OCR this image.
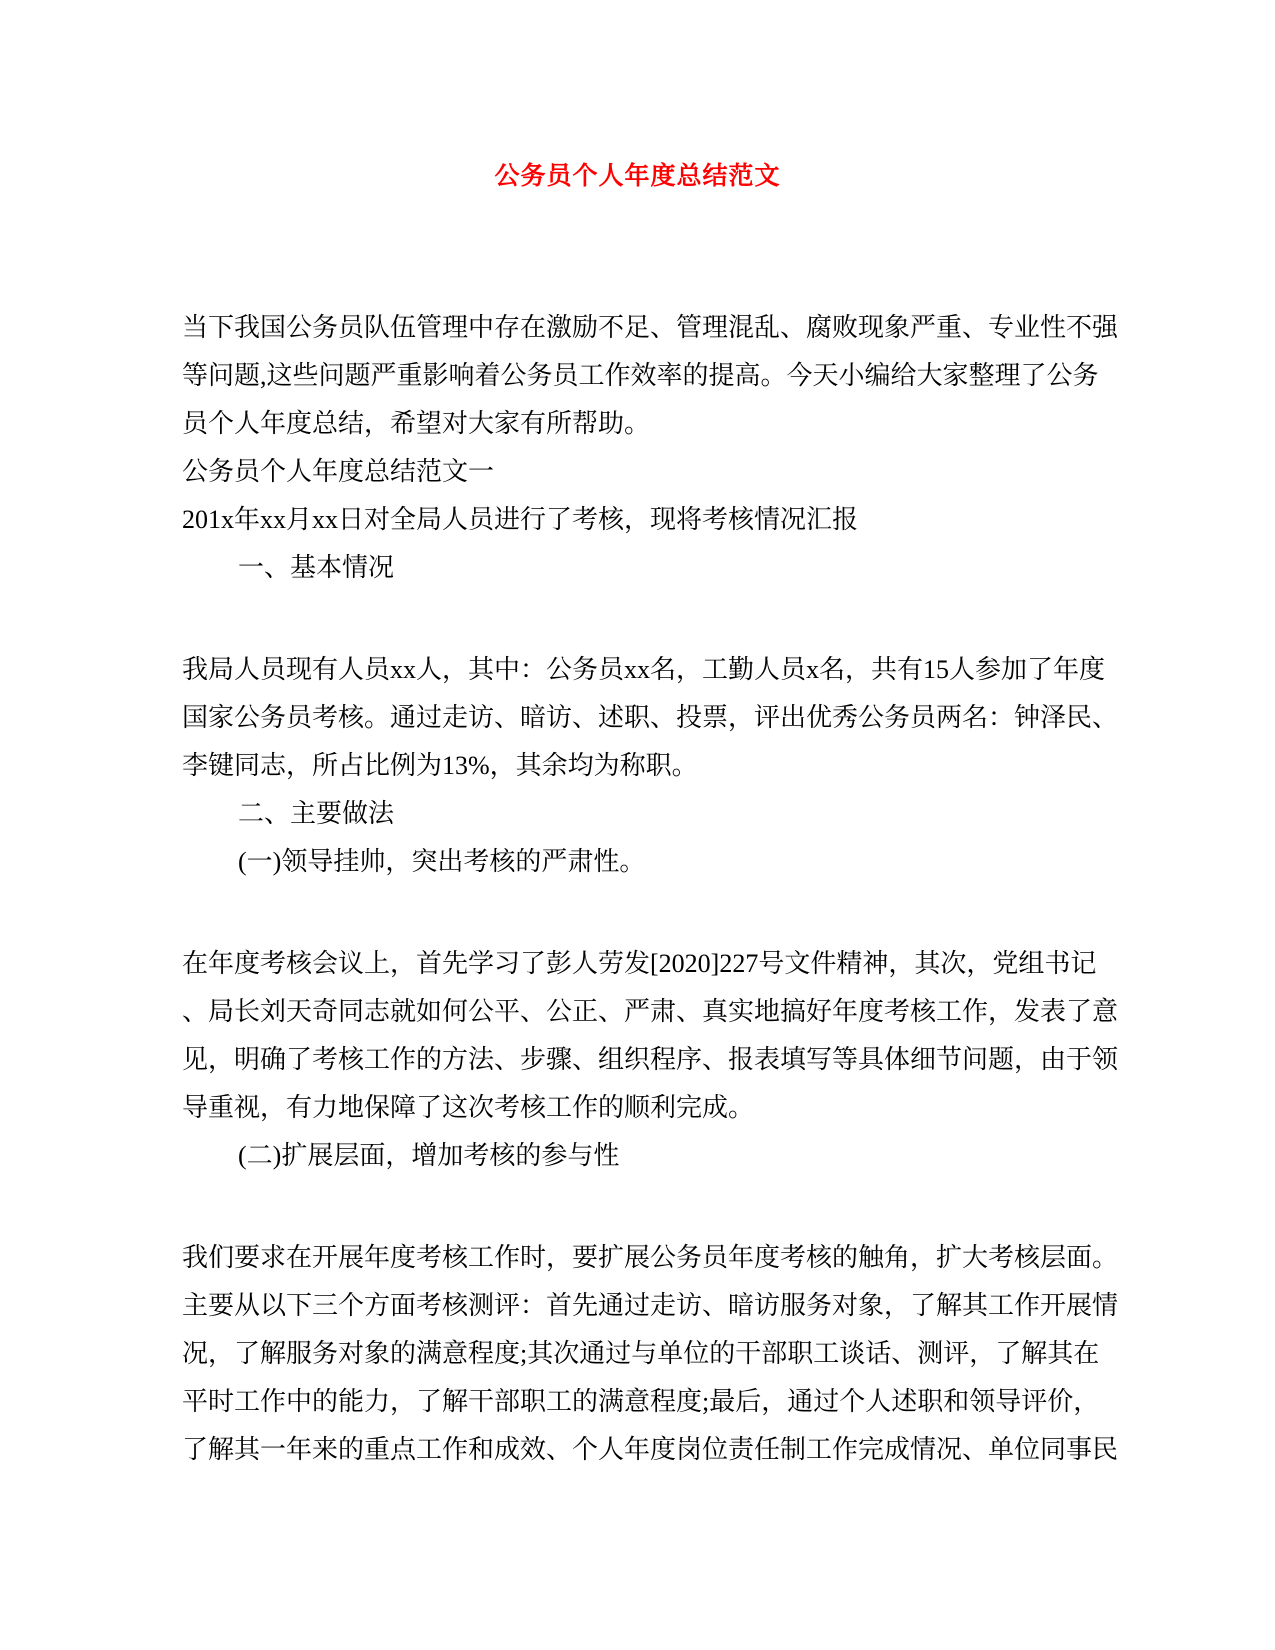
公务员个人年度总结范文
当下我国公务员队伍管理中存在激励不足、管理混乱、腐败现象严重、专业性不强
等问题,这些问题严重影响着公务员工作效率的提高。今天小编给大家整理了公务
员个人年度总结，希望对大家有所帮助。
公务员个人年度总结范文一
201x年xx月xx日对全局人员进行了考核，现将考核情况汇报
一、基本情况
我局人员现有人员xx人，其中：公务员xx名，工勤人员x名，共有15人参加了年度
国家公务员考核。通过走访、暗访、述职、投票，评出优秀公务员两名：钟泽民、
李键同志，所占比例为13%，其余均为称职。
二、主要做法
(一)领导挂帅，突出考核的严肃性。
在年度考核会议上，首先学习了彭人劳发[2020]227号文件精神，其次，党组书记
、局长刘天奇同志就如何公平、公正、严肃、真实地搞好年度考核工作，发表了意
见，明确了考核工作的方法、步骤、组织程序、报表填写等具体细节问题，由于领
导重视，有力地保障了这次考核工作的顺利完成。
(二)扩展层面，增加考核的参与性
我们要求在开展年度考核工作时，要扩展公务员年度考核的触角，扩大考核层面。
主要从以下三个方面考核测评：首先通过走访、暗访服务对象，了解其工作开展情
况，了解服务对象的满意程度;其次通过与单位的干部职工谈话、测评，了解其在
平时工作中的能力，了解干部职工的满意程度;最后，通过个人述职和领导评价，
了解其一年来的重点工作和成效、个人年度岗位责任制工作完成情况、单位同事民
